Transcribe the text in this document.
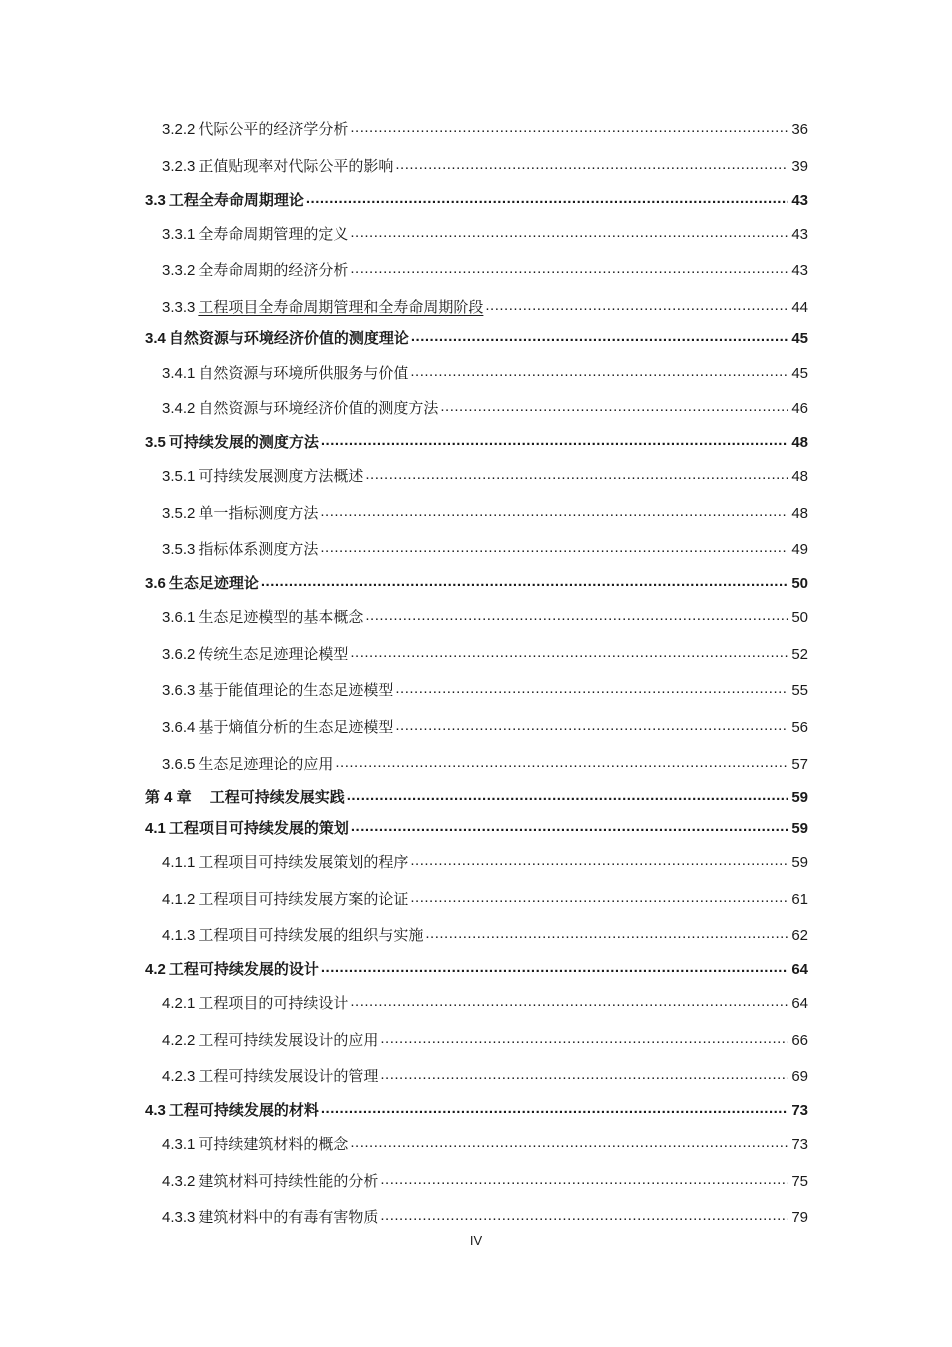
3.2.2 代际公平的经济学分析 .....	36
3.2.3 正值贴现率对代际公平的影响 .....	39
3.3 工程全寿命周期理论 .....	43
3.3.1 全寿命周期管理的定义 .....	43
3.3.2 全寿命周期的经济分析 .....	43
3.3.3 工程项目全寿命周期管理和全寿命周期阶段 .....	44
3.4 自然资源与环境经济价值的测度理论 .....	45
3.4.1 自然资源与环境所供服务与价值 .....	45
3.4.2 自然资源与环境经济价值的测度方法 .....	46
3.5 可持续发展的测度方法 .....	48
3.5.1 可持续发展测度方法概述 .....	48
3.5.2 单一指标测度方法 .....	48
3.5.3 指标体系测度方法 .....	49
3.6 生态足迹理论 .....	50
3.6.1 生态足迹模型的基本概念 .....	50
3.6.2 传统生态足迹理论模型 .....	52
3.6.3 基于能值理论的生态足迹模型 .....	55
3.6.4 基于熵值分析的生态足迹模型 .....	56
3.6.5 生态足迹理论的应用 .....	57
第 4 章 　工程可持续发展实践 .....	59
4.1 工程项目可持续发展的策划 .....	59
4.1.1 工程项目可持续发展策划的程序 .....	59
4.1.2 工程项目可持续发展方案的论证 .....	61
4.1.3 工程项目可持续发展的组织与实施 .....	62
4.2 工程可持续发展的设计 .....	64
4.2.1 工程项目的可持续设计 .....	64
4.2.2 工程可持续发展设计的应用 .....	66
4.2.3 工程可持续发展设计的管理 .....	69
4.3 工程可持续发展的材料 .....	73
4.3.1 可持续建筑材料的概念 .....	73
4.3.2 建筑材料可持续性能的分析 .....	75
4.3.3 建筑材料中的有毒有害物质 .....	79
IV
